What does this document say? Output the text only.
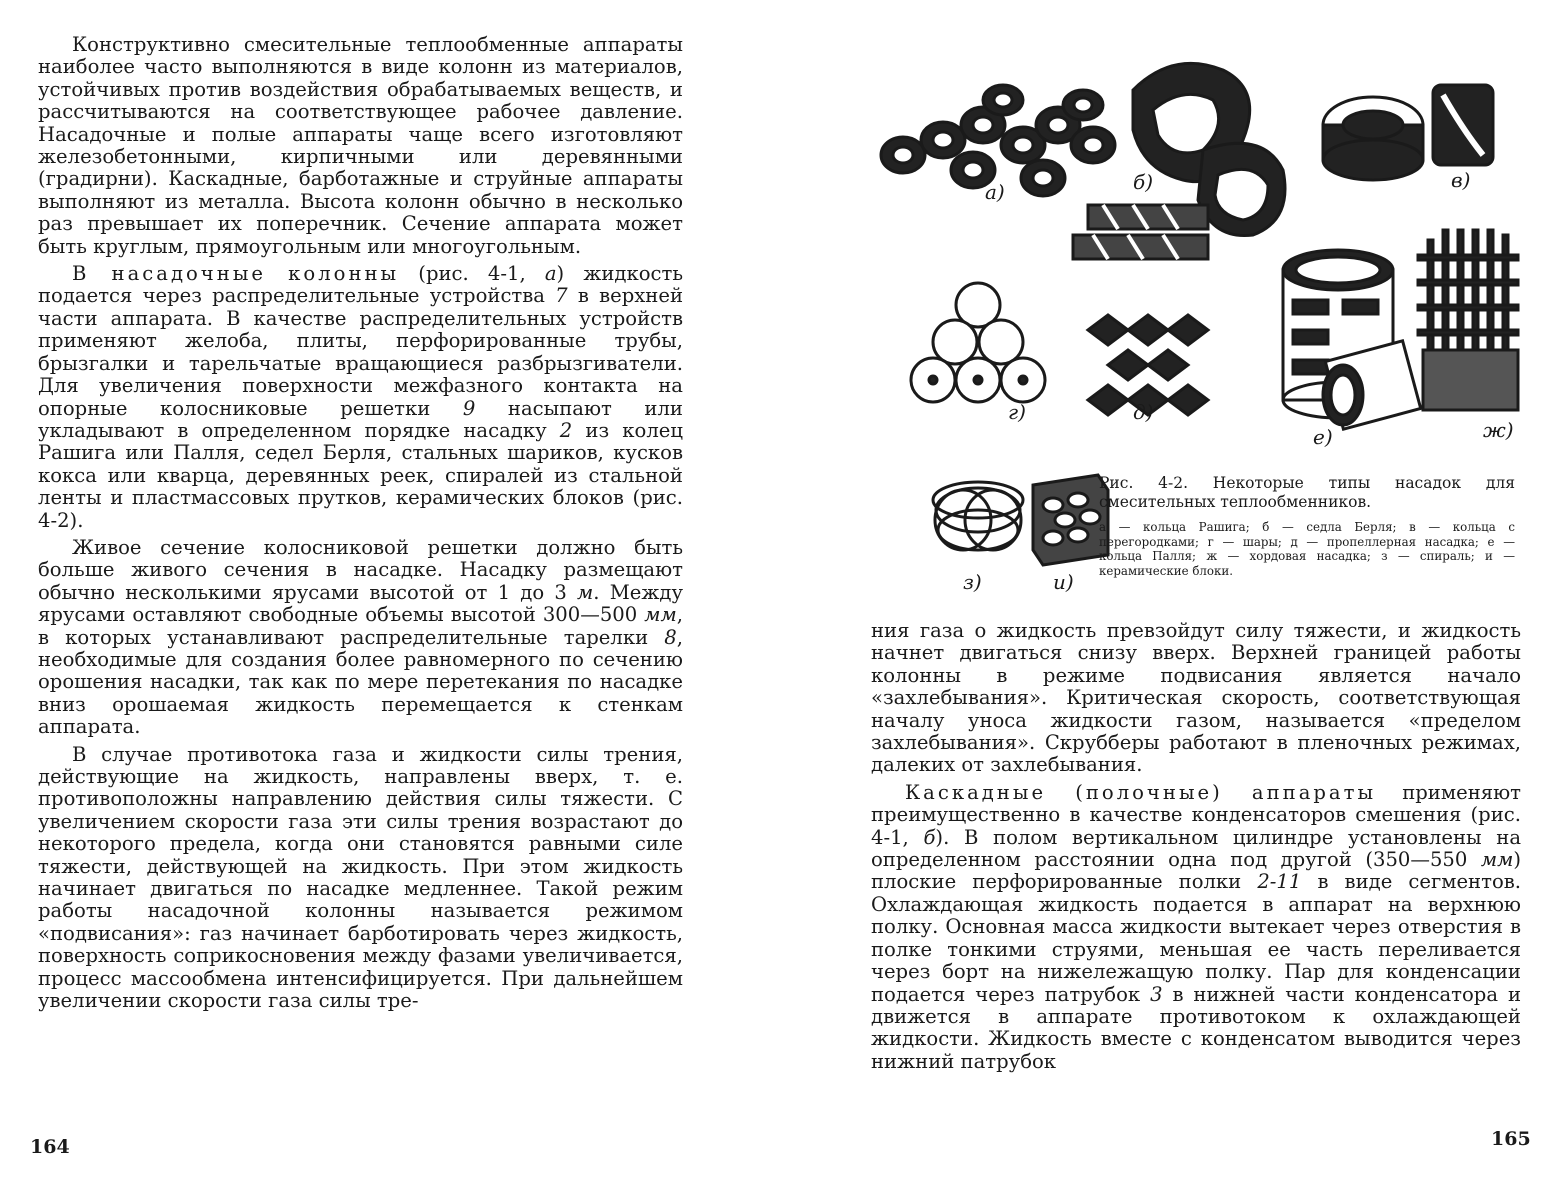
Конструктивно смесительные теплообменные аппараты наиболее часто выполняются в виде колонн из материалов, устойчивых против воздействия обрабатываемых веществ, и рассчитываются на соответствующее рабочее давление. Насадочные и полые аппараты чаще всего изготовляют железобетонными, кирпичными или деревянными (градирни). Каскадные, барботажные и струйные аппараты выполняют из металла. Высота колонн обычно в несколько раз превышает их поперечник. Сечение аппарата может быть круглым, прямоугольным или многоугольным.

В насадочные колонны (рис. 4-1, а) жидкость подается через распределительные устройства 7 в верхней части аппарата. В качестве распределительных устройств применяют желоба, плиты, перфорированные трубы, брызгалки и тарельчатые вращающиеся разбрызгиватели. Для увеличения поверхности межфазного контакта на опорные колосниковые решетки 9 насыпают или укладывают в определенном порядке насадку 2 из колец Рашига или Палля, седел Берля, стальных шариков, кусков кокса или кварца, деревянных реек, спиралей из стальной ленты и пластмассовых прутков, керамических блоков (рис. 4-2).

Живое сечение колосниковой решетки должно быть больше живого сечения в насадке. Насадку размещают обычно несколькими ярусами высотой от 1 до 3 м. Между ярусами оставляют свободные объемы высотой 300—500 мм, в которых устанавливают распределительные тарелки 8, необходимые для создания более равномерного по сечению орошения насадки, так как по мере перетекания по насадке вниз орошаемая жидкость перемещается к стенкам аппарата.

В случае противотока газа и жидкости силы трения, действующие на жидкость, направлены вверх, т. е. противоположны направлению действия силы тяжести. С увеличением скорости газа эти силы трения возрастают до некоторого предела, когда они становятся равными силе тяжести, действующей на жидкость. При этом жидкость начинает двигаться по насадке медленнее. Такой режим работы насадочной колонны называется режимом «подвисания»: газ начинает барботировать через жидкость, поверхность соприкосновения между фазами увеличивается, процесс массообмена интенсифицируется. При дальнейшем увеличении скорости газа силы тре-

164
а)	б)	в)
г)	д)
е)	ж)
з)	и)

ния газа о жидкость превзойдут силу тяжести, и жидкость начнет двигаться снизу вверх. Верхней границей работы колонны в режиме подвисания является начало «захлебывания». Критическая скорость, соответствующая началу уноса жидкости газом, называется «пределом захлебывания». Скрубберы работают в пленочных режимах, далеких от захлебывания.

Каскадные (полочные) аппараты применяют преимущественно в качестве конденсаторов смешения (рис. 4-1, б). В полом вертикальном цилиндре установлены на определенном расстоянии одна под другой (350—550 мм) плоские перфорированные полки 2-11 в виде сегментов. Охлаждающая жидкость подается в аппарат на верхнюю полку. Основная масса жидкости вытекает через отверстия в полке тонкими струями, меньшая ее часть переливается через борт на нижележащую полку. Пар для конденсации подается через патрубок 3 в нижней части конденсатора и движется в аппарате противотоком к охлаждающей жидкости. Жидкость вместе с конденсатом выводится через нижний патрубок

165

Рис. 4-2. Некоторые типы насадок для смесительных теплообменников.

а — кольца Рашига; б — седла Берля; в — кольца с перегородками; г — шары; д — пропеллерная насадка; е — кольца Палля; ж — хордовая насадка; з — спираль; и — керамические блоки.
